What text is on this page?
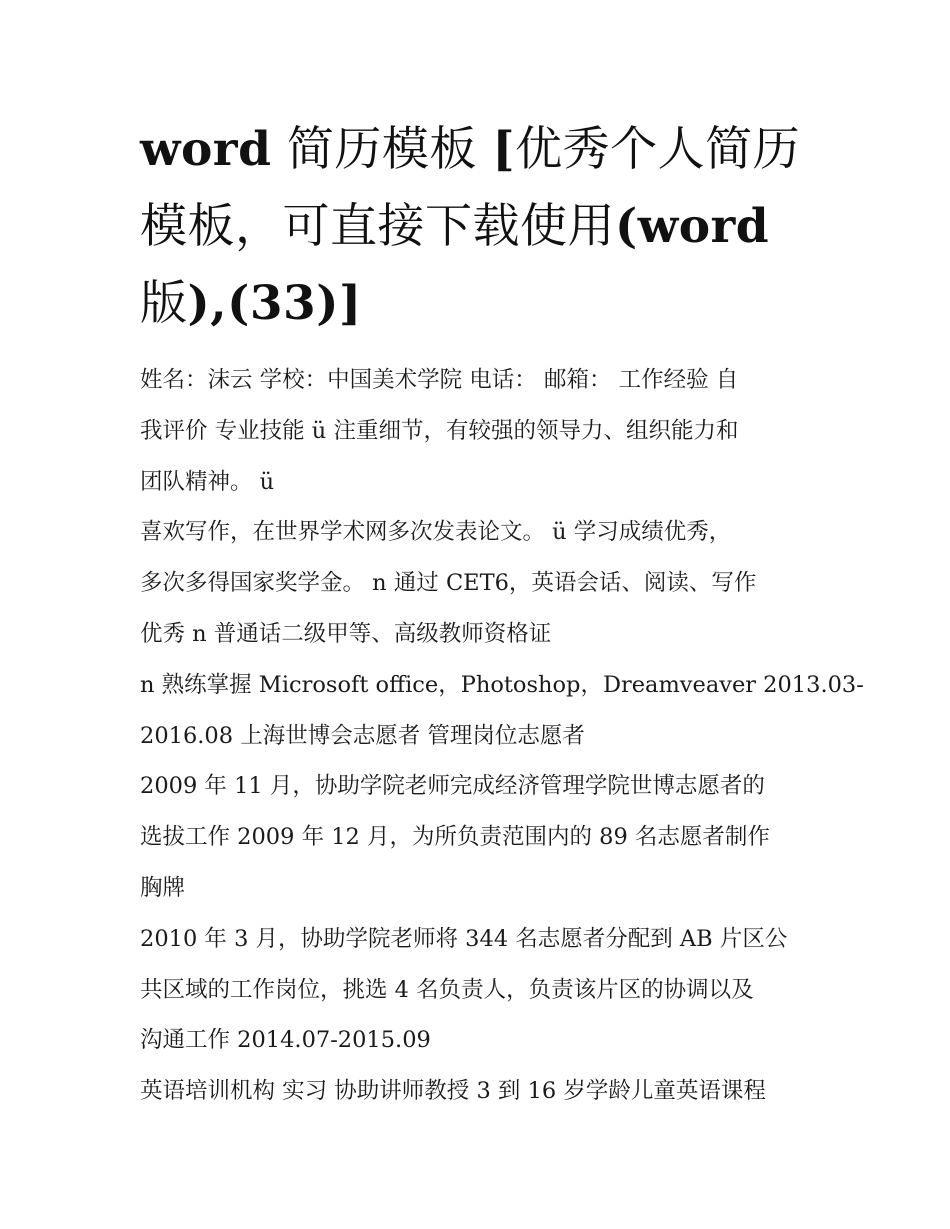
word 简历模板 [优秀个人简历
模板，可直接下载使用(word
版),(33)]

姓名：沫云 学校：中国美术学院 电话： 邮箱： 工作经验 自

我评价 专业技能 ü 注重细节，有较强的领导力、组织能力和

团队精神。 ü

喜欢写作，在世界学术网多次发表论文。 ü 学习成绩优秀，

多次多得国家奖学金。 n 通过 CET6，英语会话、阅读、写作

优秀 n 普通话二级甲等、高级教师资格证

n 熟练掌握 Microsoft office，Photoshop，Dreamveaver 2013.03-

2016.08 上海世博会志愿者 管理岗位志愿者

2009 年 11 月，协助学院老师完成经济管理学院世博志愿者的

选拔工作 2009 年 12 月，为所负责范围内的 89 名志愿者制作

胸牌

2010 年 3 月，协助学院老师将 344 名志愿者分配到 AB 片区公

共区域的工作岗位，挑选 4 名负责人，负责该片区的协调以及

沟通工作 2014.07-2015.09

英语培训机构 实习 协助讲师教授 3 到 16 岁学龄儿童英语课程
